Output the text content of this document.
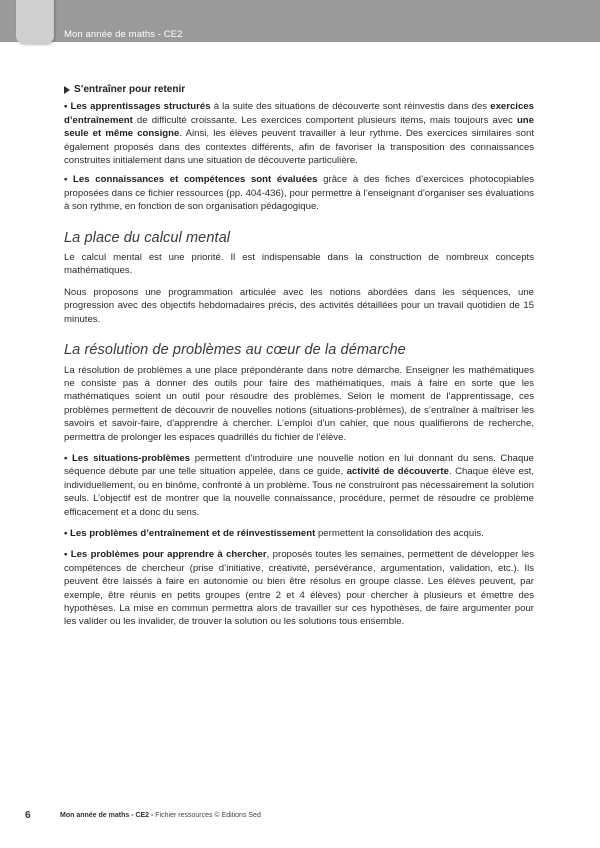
Mon année de maths - CE2
S’entraîner pour retenir

• Les apprentissages structurés à la suite des situations de découverte sont réinvestis dans des exercices d’entraînement de difficulté croissante. Les exercices comportent plusieurs items, mais toujours avec une seule et même consigne. Ainsi, les élèves peuvent travailler à leur rythme. Des exercices similaires sont également proposés dans des contextes différents, afin de favoriser la transposition des connaissances construites initialement dans une situation de découverte particulière.

• Les connaissances et compétences sont évaluées grâce à des fiches d’exercices photocopiables proposées dans ce fichier ressources (pp. 404-436), pour permettre à l’enseignant d’organiser ses évaluations à son rythme, en fonction de son organisation pédagogique.

La place du calcul mental

Le calcul mental est une priorité. Il est indispensable dans la construction de nombreux concepts mathématiques.

Nous proposons une programmation articulée avec les notions abordées dans les séquences, une progression avec des objectifs hebdomadaires précis, des activités détaillées pour un travail quotidien de 15 minutes.

La résolution de problèmes au cœur de la démarche

La résolution de problèmes a une place prépondérante dans notre démarche. Enseigner les mathématiques ne consiste pas à donner des outils pour faire des mathématiques, mais à faire en sorte que les mathématiques soient un outil pour résoudre des problèmes. Selon le moment de l’apprentissage, ces problèmes permettent de découvrir de nouvelles notions (situations-problèmes), de s’entraîner à maîtriser les savoirs et savoir-faire, d’apprendre à chercher. L’emploi d’un cahier, que nous qualifierons de recherche, permettra de prolonger les espaces quadrillés du fichier de l’élève.

• Les situations-problèmes permettent d’introduire une nouvelle notion en lui donnant du sens. Chaque séquence débute par une telle situation appelée, dans ce guide, activité de découverte. Chaque élève est, individuellement, ou en binôme, confronté à un problème. Tous ne construiront pas nécessairement la solution seuls. L’objectif est de montrer que la nouvelle connaissance, procédure, permet de résoudre ce problème efficacement et a donc du sens.

• Les problèmes d’entraînement et de réinvestissement permettent la consolidation des acquis.

• Les problèmes pour apprendre à chercher, proposés toutes les semaines, permettent de développer les compétences de chercheur (prise d’initiative, créativité, persévérance, argumentation, validation, etc.). Ils peuvent être laissés à faire en autonomie ou bien être résolus en groupe classe. Les élèves peuvent, par exemple, être réunis en petits groupes (entre 2 et 4 élèves) pour chercher à plusieurs et émettre des hypothèses. La mise en commun permettra alors de travailler sur ces hypothèses, de faire argumenter pour les valider ou les invalider, de trouver la solution ou les solutions tous ensemble.

6	Mon année de maths - CE2 - Fichier ressources © Editions Sed
